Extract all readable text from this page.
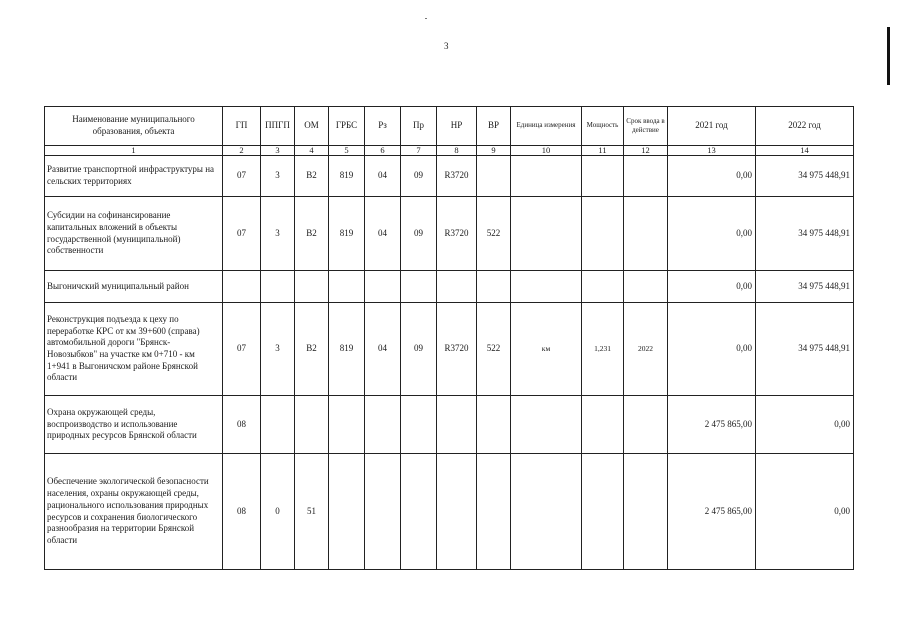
3
Наименование муниципального образования, объекта	ГП	ППГП	ОМ	ГРБС	Рз	Пр	НР	ВР	Единица измерения	Мощность	Срок ввода в действие	2021 год	2022 год
1	2	3	4	5	6	7	8	9	10	11	12	13	14
Развитие транспортной инфраструктуры на сельских территориях	07	3	В2	819	04	09	R3720					0,00	34 975 448,91
Субсидии на софинансирование капитальных вложений в объекты государственной (муниципальной) собственности	07	3	В2	819	04	09	R3720	522				0,00	34 975 448,91
Выгоничский муниципальный район												0,00	34 975 448,91
Реконструкция подъезда к цеху по переработке КРС от км 39+600 (справа) автомобильной дороги "Брянск-Новозыбков" на участке км 0+710 - км 1+941 в Выгоничском районе Брянской области	07	3	В2	819	04	09	R3720	522	км	1,231	2022	0,00	34 975 448,91
Охрана окружающей среды, воспроизводство и использование природных ресурсов Брянской области	08											2 475 865,00	0,00
Обеспечение экологической безопасности населения, охраны окружающей среды, рационального использования природных ресурсов и сохранения биологического разнообразия на территории Брянской области	08	0	51									2 475 865,00	0,00
